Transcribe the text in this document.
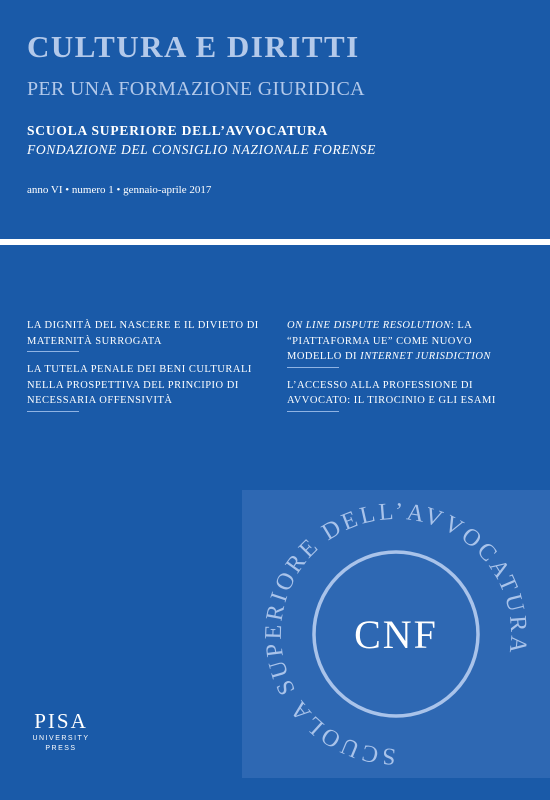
CULTURA E DIRITTI
PER UNA FORMAZIONE GIURIDICA
SCUOLA SUPERIORE DELL’AVVOCATURA
FONDAZIONE DEL CONSIGLIO NAZIONALE FORENSE
anno VI • numero 1 • gennaio-aprile 2017
LA DIGNITÀ DEL NASCERE E IL DIVIETO DI MATERNITÀ SURROGATA
LA TUTELA PENALE DEI BENI CULTURALI NELLA PROSPETTIVA DEL PRINCIPIO DI NECESSARIA OFFENSIVITÀ
ON LINE DISPUTE RESOLUTION: LA “PIATTAFORMA UE” COME NUOVO MODELLO DI INTERNET JURISDICTION
L’ACCESSO ALLA PROFESSIONE DI AVVOCATO: IL TIROCINIO E GLI ESAMI
SCUOLA SUPERIORE DELL’AVVOCATURA
CNF
PISA
UNIVERSITY
PRESS
